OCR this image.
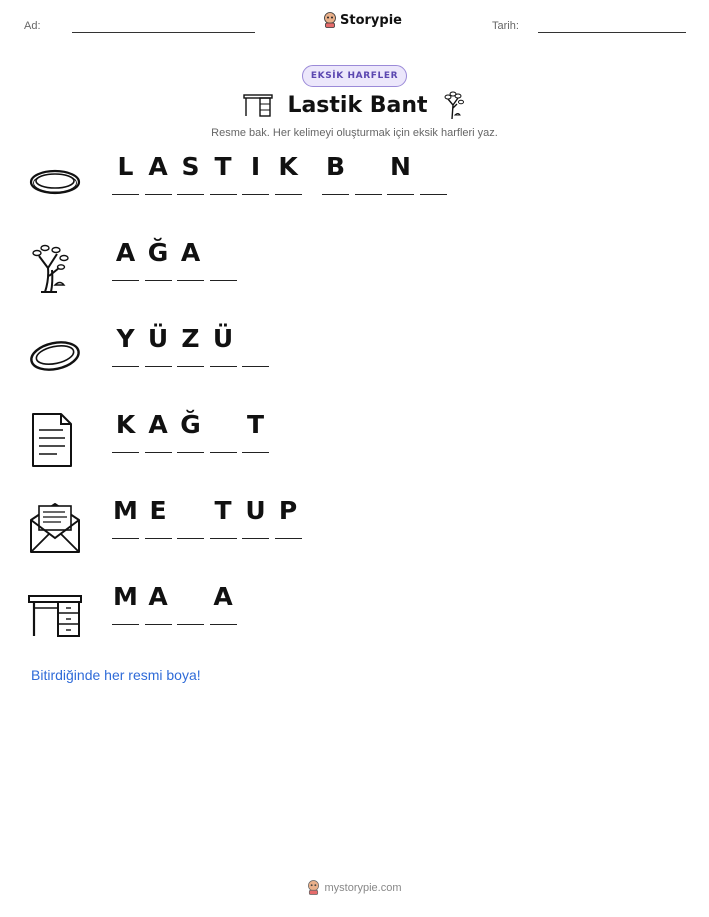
Ad:	Storypie	Tarih:
EKSİK HARFLER
Lastik Bant
Resme bak. Her kelimeyi oluşturmak için eksik harfleri yaz.
L A S T I K B N
A Ğ A
Y Ü Z Ü
K A Ğ T
M E T U P
M A A
Bitirdiğinde her resmi boya!
mystorypie.com
